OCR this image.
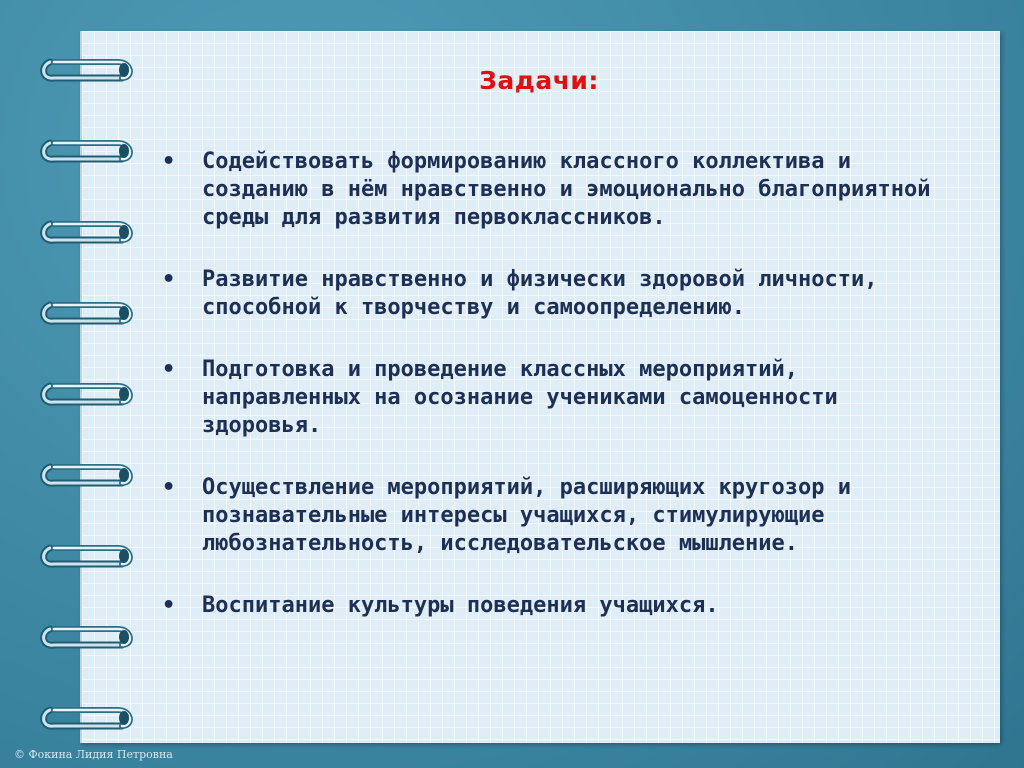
Задачи:
•	Содействовать формированию классного коллектива и созданию в нём нравственно и эмоционально благоприятной среды для развития первоклассников.
•	Развитие нравственно и физически здоровой личности, способной к творчеству и самоопределению.
•	Подготовка и проведение классных мероприятий, направленных на осознание учениками самоценности здоровья.
•	Осуществление мероприятий, расширяющих кругозор и познавательные интересы учащихся, стимулирующие любознательность, исследовательское мышление.
•	Воспитание культуры поведения учащихся.
© Фокина Лидия Петровна
